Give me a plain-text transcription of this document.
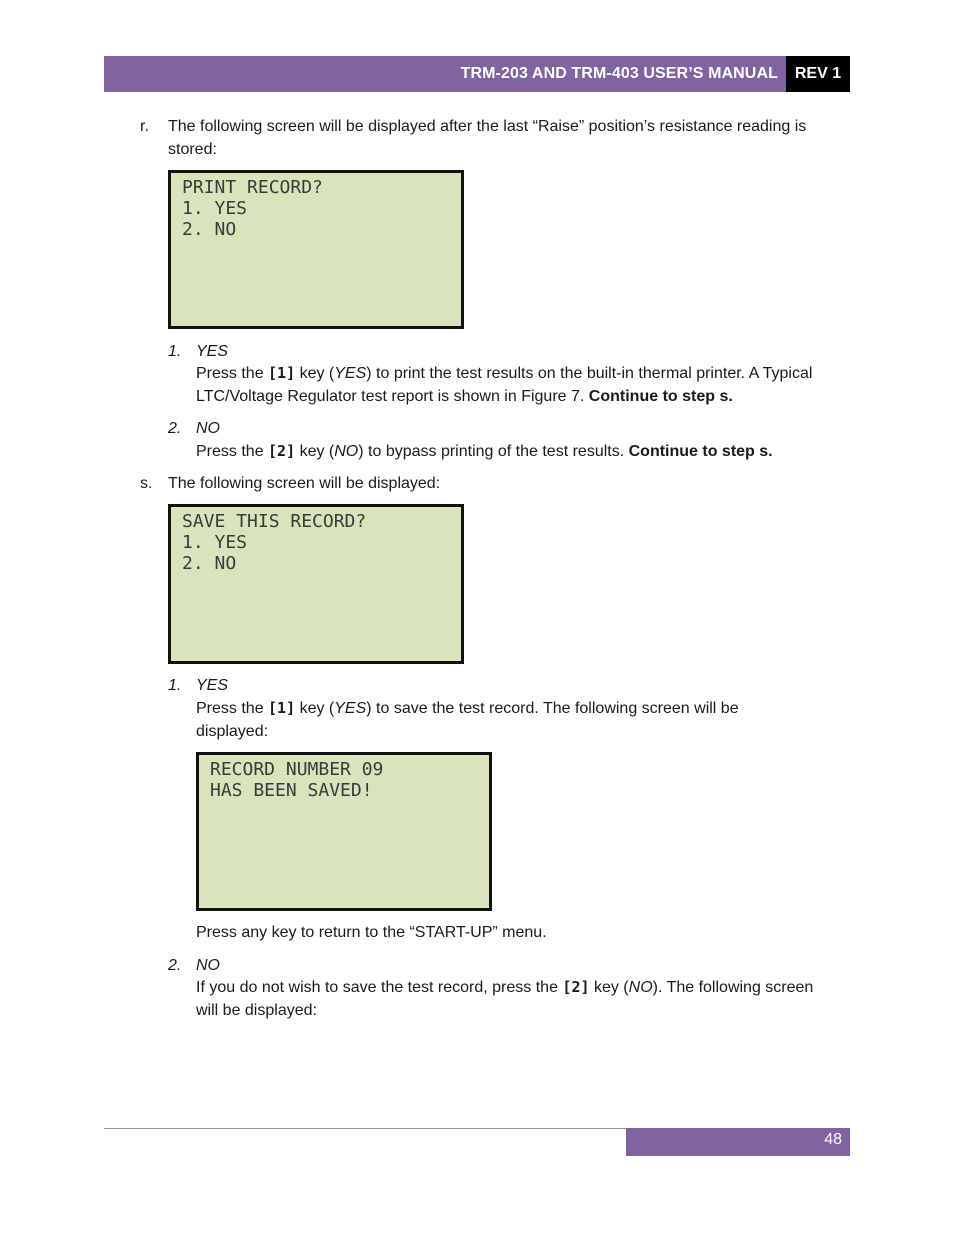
TRM-203 AND TRM-403 USER’S MANUAL	REV 1
r. The following screen will be displayed after the last “Raise” position’s resistance reading is stored:
PRINT RECORD?
1. YES
2. NO
1. YES
Press the [1] key (YES) to print the test results on the built-in thermal printer. A Typical LTC/Voltage Regulator test report is shown in Figure 7. Continue to step s.
2. NO
Press the [2] key (NO) to bypass printing of the test results. Continue to step s.
s. The following screen will be displayed:
SAVE THIS RECORD?
1. YES
2. NO
1. YES
Press the [1] key (YES) to save the test record. The following screen will be displayed:
RECORD NUMBER 09
HAS BEEN SAVED!
Press any key to return to the “START-UP” menu.
2. NO
If you do not wish to save the test record, press the [2] key (NO). The following screen will be displayed:
48
